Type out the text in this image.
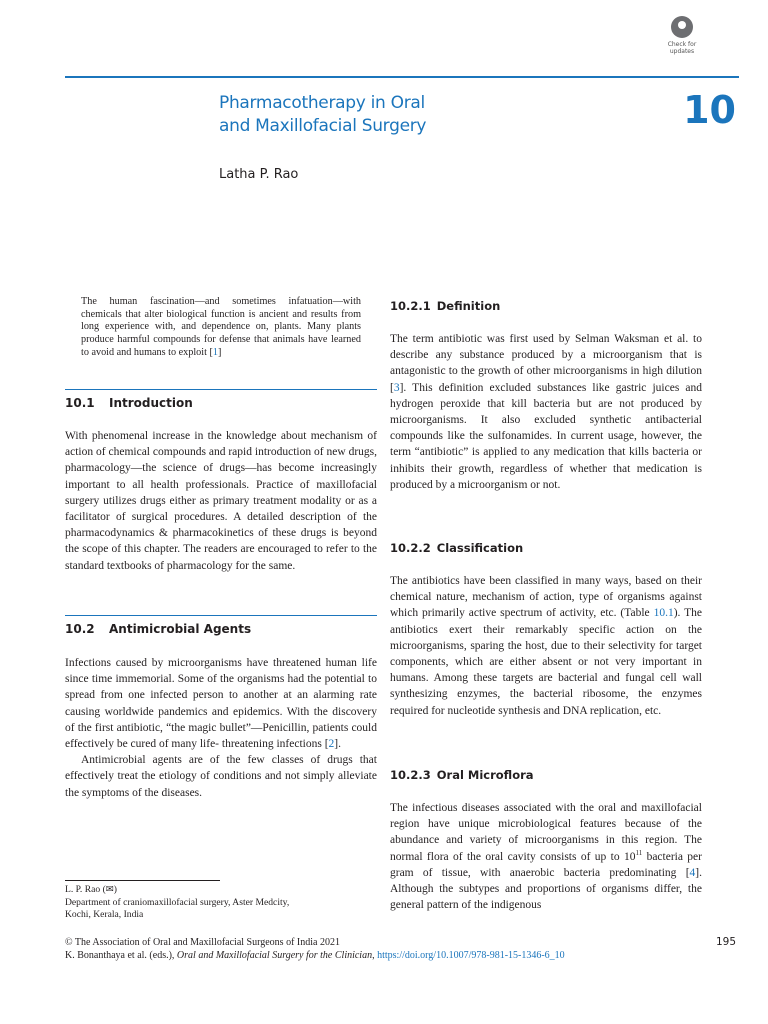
Check for
updates
Pharmacotherapy in Oral
and Maxillofacial Surgery	10
Latha P. Rao
The human fascination—and sometimes infatuation—with chemicals that alter biological function is ancient and results from long experience with, and dependence on, plants. Many plants produce harmful compounds for defense that animals have learned to avoid and humans to exploit [1]
10.1 Introduction

With phenomenal increase in the knowledge about mechanism of action of chemical compounds and rapid introduction of new drugs, pharmacology—the science of drugs—has become increasingly important to all health professionals. Practice of maxillofacial surgery utilizes drugs either as primary treatment modality or as a facilitator of surgical procedures. A detailed description of the pharmacodynamics & pharmacokinetics of these drugs is beyond the scope of this chapter. The readers are encouraged to refer to the standard textbooks of pharmacology for the same.

10.2 Antimicrobial Agents

Infections caused by microorganisms have threatened human life since time immemorial. Some of the organisms had the potential to spread from one infected person to another at an alarming rate causing worldwide pandemics and epidemics. With the discovery of the first antibiotic, “the magic bullet”—Penicillin, patients could effectively be cured of many life- threatening infections [2].

Antimicrobial agents are of the few classes of drugs that effectively treat the etiology of conditions and not simply alleviate the symptoms of the diseases.

L. P. Rao (✉)
Department of craniomaxillofacial surgery, Aster Medcity,
Kochi, Kerala, India
10.2.1 Definition

The term antibiotic was first used by Selman Waksman et al. to describe any substance produced by a microorganism that is antagonistic to the growth of other microorganisms in high dilution [3]. This definition excluded substances like gastric juices and hydrogen peroxide that kill bacteria but are not produced by microorganisms. It also excluded synthetic antibacterial compounds like the sulfonamides. In current usage, however, the term “antibiotic” is applied to any medication that kills bacteria or inhibits their growth, regardless of whether that medication is produced by a microorganism or not.

10.2.2 Classification

The antibiotics have been classified in many ways, based on their chemical nature, mechanism of action, type of organisms against which primarily active spectrum of activity, etc. (Table 10.1). The antibiotics exert their remarkably specific action on the microorganisms, sparing the host, due to their selectivity for target components, which are either absent or not very important in humans. Among these targets are bacterial and fungal cell wall synthesizing enzymes, the bacterial ribosome, the enzymes required for nucleotide synthesis and DNA replication, etc.

10.2.3 Oral Microflora

The infectious diseases associated with the oral and maxillofacial region have unique microbiological features because of the abundance and variety of microorganisms in this region. The normal flora of the oral cavity consists of up to $10^{11}$ bacteria per gram of tissue, with anaerobic bacteria predominating [4]. Although the subtypes and proportions of organisms differ, the general pattern of the indigenous

© The Association of Oral and Maxillofacial Surgeons of India 2021
K. Bonanthaya et al. (eds.), Oral and Maxillofacial Surgery for the Clinician, https://doi.org/10.1007/978-981-15-1346-6_10
195
